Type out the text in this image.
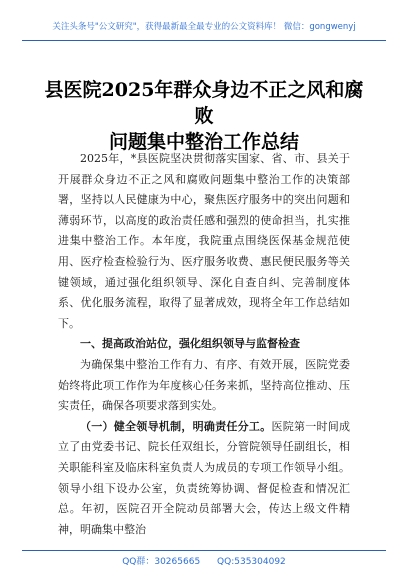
关注头条号"公文研究"，获得最新最全最专业的公文资料库！ 微信：gongwenyj
县医院2025年群众身边不正之风和腐败
问题集中整治工作总结

2025年，*县医院坚决贯彻落实国家、省、市、县关于开展群众身边不正之风和腐败问题集中整治工作的决策部署，坚持以人民健康为中心，聚焦医疗服务中的突出问题和薄弱环节，以高度的政治责任感和强烈的使命担当，扎实推进集中整治工作。本年度，我院重点围绕医保基金规范使用、医疗检查检验行为、医疗服务收费、惠民便民服务等关键领域，通过强化组织领导、深化自查自纠、完善制度体系、优化服务流程，取得了显著成效，现将全年工作总结如下。

一、提高政治站位，强化组织领导与监督检查

为确保集中整治工作有力、有序、有效开展，医院党委始终将此项工作作为年度核心任务来抓，坚持高位推动、压实责任，确保各项要求落到实处。

（一）健全领导机制，明确责任分工。医院第一时间成立了由党委书记、院长任双组长，分管院领导任副组长，相关职能科室及临床科室负责人为成员的专项工作领导小组。领导小组下设办公室，负责统筹协调、督促检查和情况汇总。年初，医院召开全院动员部署大会，传达上级文件精神，明确集中整治

QQ群：30265665 QQ:535304092
